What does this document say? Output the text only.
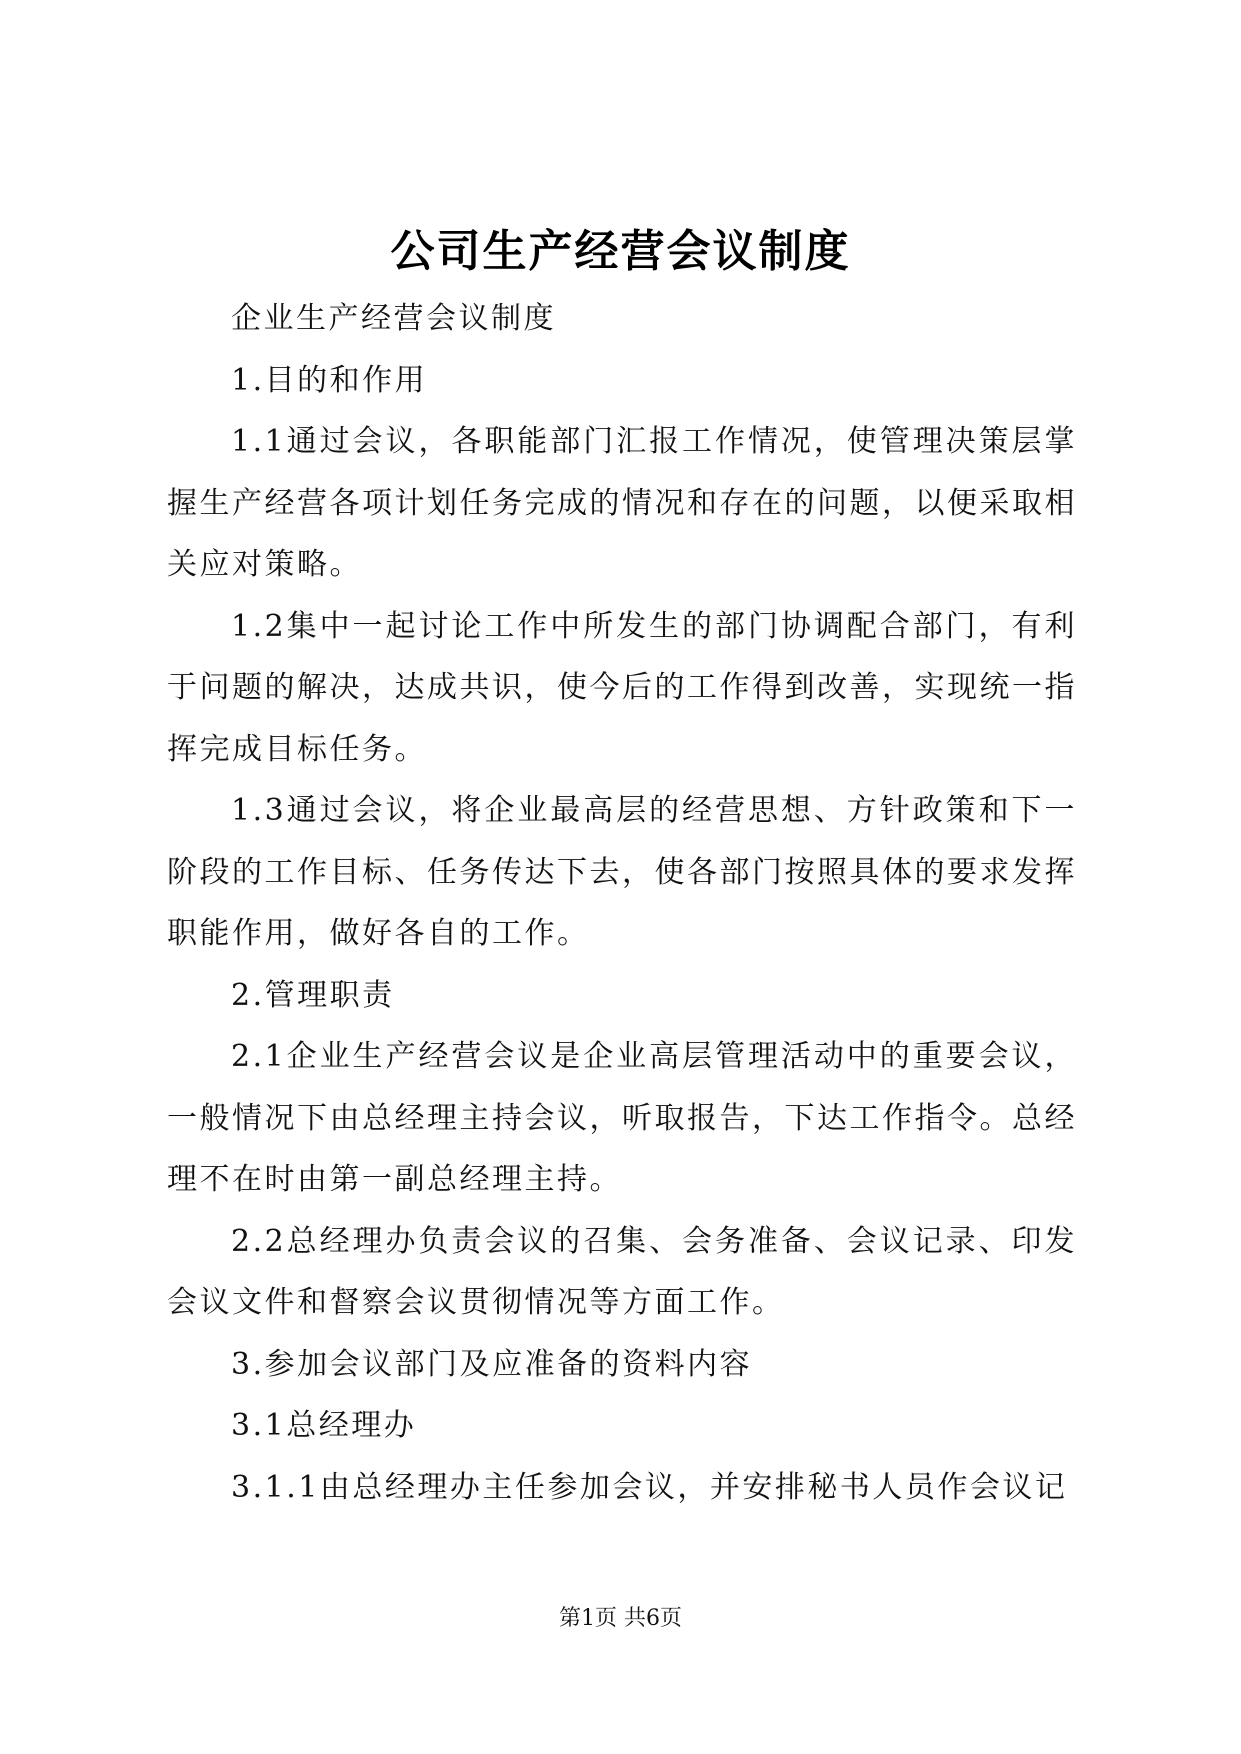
公司生产经营会议制度

企业生产经营会议制度

1.目的和作用

1.1通过会议，各职能部门汇报工作情况，使管理决策层掌握生产经营各项计划任务完成的情况和存在的问题，以便采取相关应对策略。

1.2集中一起讨论工作中所发生的部门协调配合部门，有利于问题的解决，达成共识，使今后的工作得到改善，实现统一指挥完成目标任务。

1.3通过会议，将企业最高层的经营思想、方针政策和下一阶段的工作目标、任务传达下去，使各部门按照具体的要求发挥职能作用，做好各自的工作。

2.管理职责

2.1企业生产经营会议是企业高层管理活动中的重要会议，一般情况下由总经理主持会议，听取报告，下达工作指令。总经理不在时由第一副总经理主持。

2.2总经理办负责会议的召集、会务准备、会议记录、印发会议文件和督察会议贯彻情况等方面工作。

3.参加会议部门及应准备的资料内容

3.1总经理办

3.1.1由总经理办主任参加会议，并安排秘书人员作会议记

第1页 共6页
